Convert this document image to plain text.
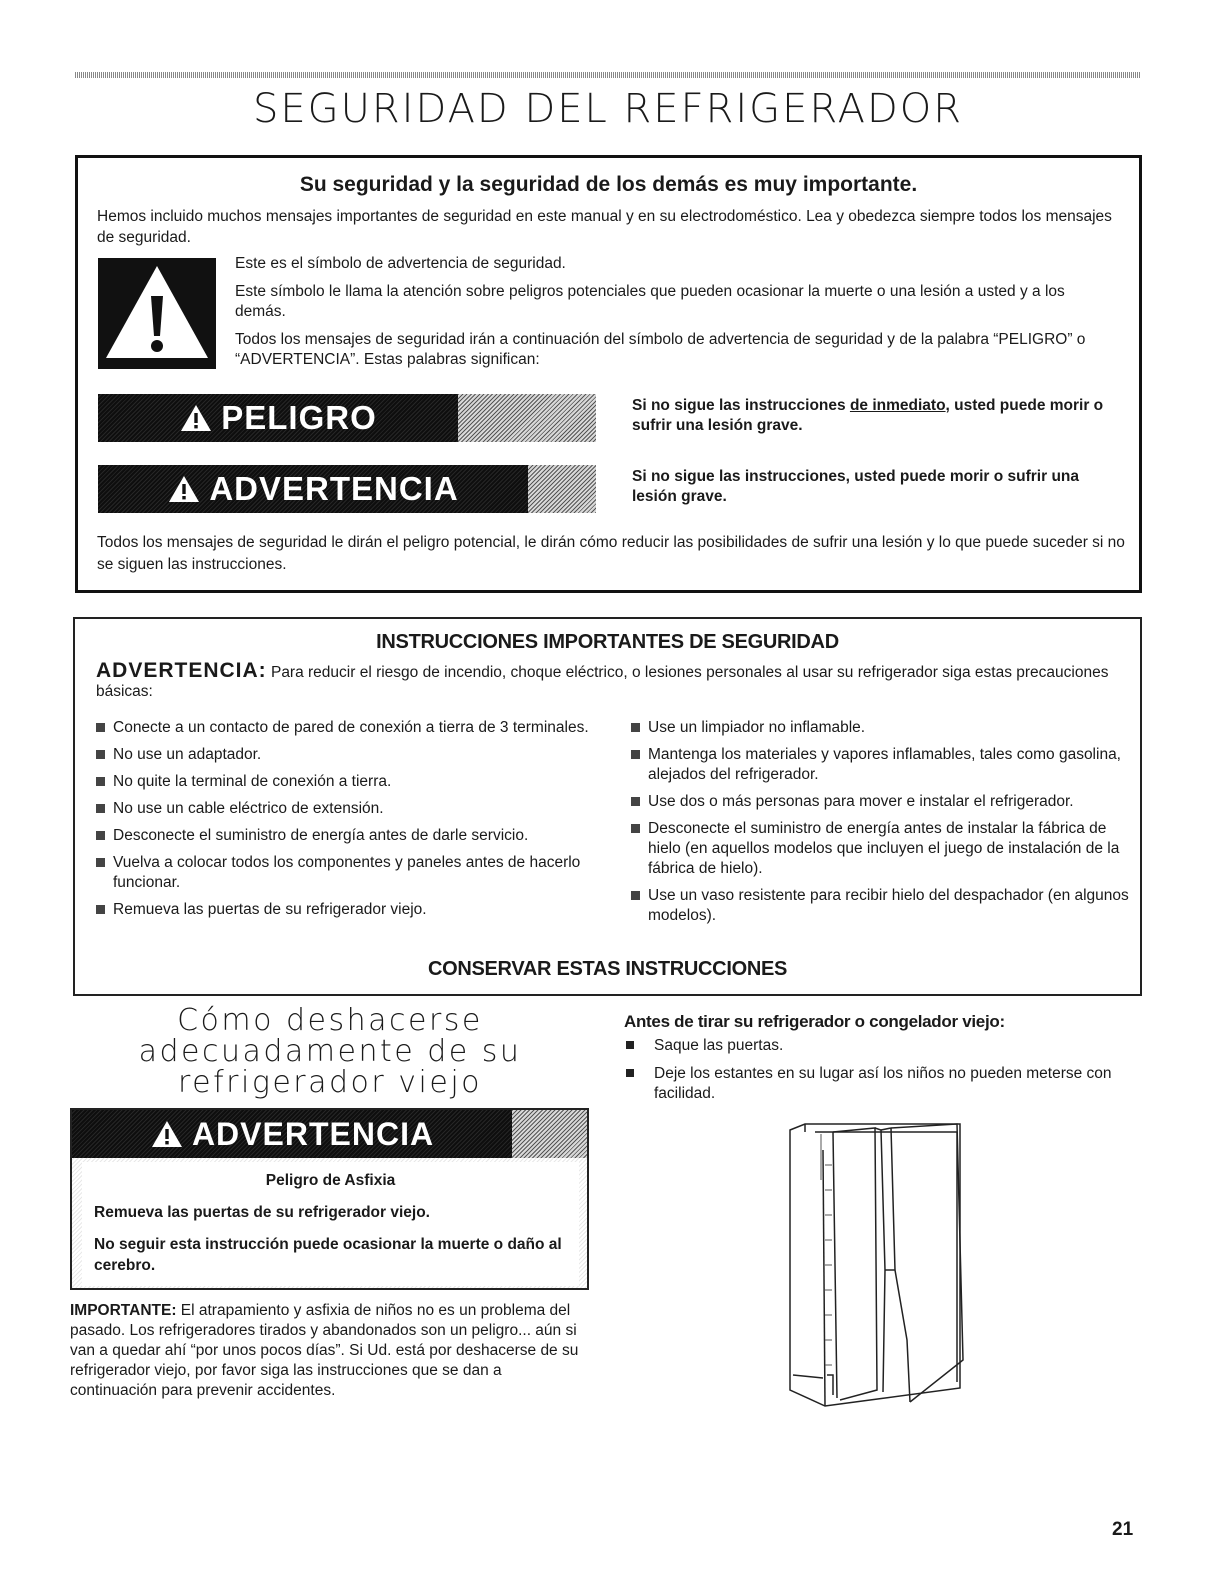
SEGURIDAD DEL REFRIGERADOR
Su seguridad y la seguridad de los demás es muy importante.

Hemos incluido muchos mensajes importantes de seguridad en este manual y en su electrodoméstico. Lea y obedezca siempre todos los mensajes de seguridad.

Este es el símbolo de advertencia de seguridad.

Este símbolo le llama la atención sobre peligros potenciales que pueden ocasionar la muerte o una lesión a usted y a los demás.

Todos los mensajes de seguridad irán a continuación del símbolo de advertencia de seguridad y de la palabra “PELIGRO” o “ADVERTENCIA”. Estas palabras significan:

PELIGRO	Si no sigue las instrucciones de inmediato, usted puede morir o sufrir una lesión grave.

ADVERTENCIA	Si no sigue las instrucciones, usted puede morir o sufrir una lesión grave.

Todos los mensajes de seguridad le dirán el peligro potencial, le dirán cómo reducir las posibilidades de sufrir una lesión y lo que puede suceder si no se siguen las instrucciones.

INSTRUCCIONES IMPORTANTES DE SEGURIDAD

ADVERTENCIA: Para reducir el riesgo de incendio, choque eléctrico, o lesiones personales al usar su refrigerador siga estas precauciones básicas:

Conecte a un contacto de pared de conexión a tierra de 3 terminales.
No use un adaptador.
No quite la terminal de conexión a tierra.
No use un cable eléctrico de extensión.
Desconecte el suministro de energía antes de darle servicio.
Vuelva a colocar todos los componentes y paneles antes de hacerlo funcionar.
Remueva las puertas de su refrigerador viejo.
Use un limpiador no inflamable.
Mantenga los materiales y vapores inflamables, tales como gasolina, alejados del refrigerador.
Use dos o más personas para mover e instalar el refrigerador.
Desconecte el suministro de energía antes de instalar la fábrica de hielo (en aquellos modelos que incluyen el juego de instalación de la fábrica de hielo).
Use un vaso resistente para recibir hielo del despachador (en algunos modelos).
CONSERVAR ESTAS INSTRUCCIONES
Cómo deshacerse
adecuadamente de su
refrigerador viejo
ADVERTENCIA
Peligro de Asfixia
Remueva las puertas de su refrigerador viejo.
No seguir esta instrucción puede ocasionar la muerte o daño al cerebro.

IMPORTANTE: El atrapamiento y asfixia de niños no es un problema del pasado. Los refrigeradores tirados y abandonados son un peligro... aún si van a quedar ahí “por unos pocos días”. Si Ud. está por deshacerse de su refrigerador viejo, por favor siga las instrucciones que se dan a continuación para prevenir accidentes.

Antes de tirar su refrigerador o congelador viejo:
Saque las puertas.
Deje los estantes en su lugar así los niños no pueden meterse con facilidad.
21
